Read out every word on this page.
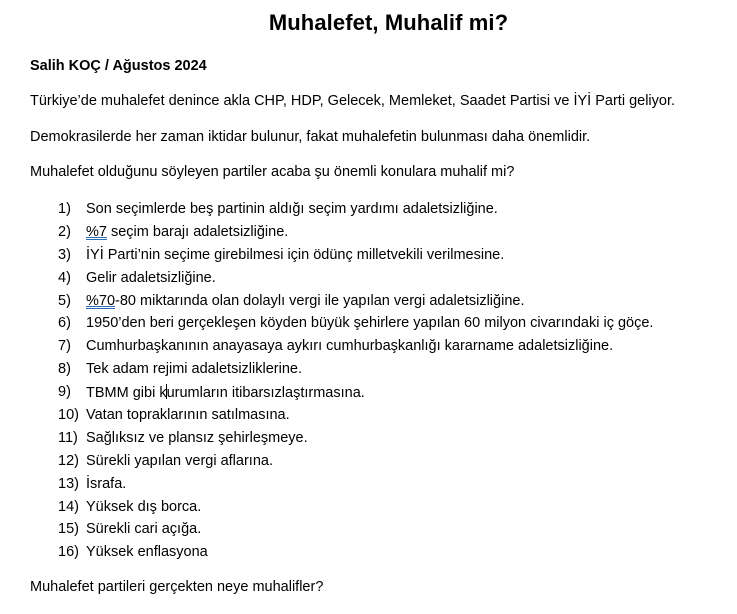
Muhalefet, Muhalif mi?

Salih KOÇ / Ağustos 2024

Türkiye’de muhalefet denince akla CHP, HDP, Gelecek, Memleket, Saadet Partisi ve İYİ Parti geliyor.

Demokrasilerde her zaman iktidar bulunur, fakat muhalefetin bulunması daha önemlidir.

Muhalefet olduğunu söyleyen partiler acaba şu önemli konulara muhalif mi?

1)	Son seçimlerde beş partinin aldığı seçim yardımı adaletsizliğine.
2)	%7 seçim barajı adaletsizliğine.
3)	İYİ Parti’nin seçime girebilmesi için ödünç milletvekili verilmesine.
4)	Gelir adaletsizliğine.
5)	%70-80 miktarında olan dolaylı vergi ile yapılan vergi adaletsizliğine.
6)	1950’den beri gerçekleşen köyden büyük şehirlere yapılan 60 milyon civarındaki iç göçe.
7)	Cumhurbaşkanının anayasaya aykırı cumhurbaşkanlığı kararname adaletsizliğine.
8)	Tek adam rejimi adaletsizliklerine.
9)	TBMM gibi kurumların itibarsızlaştırmasına.
10) Vatan topraklarının satılmasına.
11) Sağlıksız ve plansız şehirleşmeye.
12) Sürekli yapılan vergi aflarına.
13) İsrafa.
14) Yüksek dış borca.
15) Sürekli cari açığa.
16) Yüksek enflasyona

Muhalefet partileri gerçekten neye muhalifler?
